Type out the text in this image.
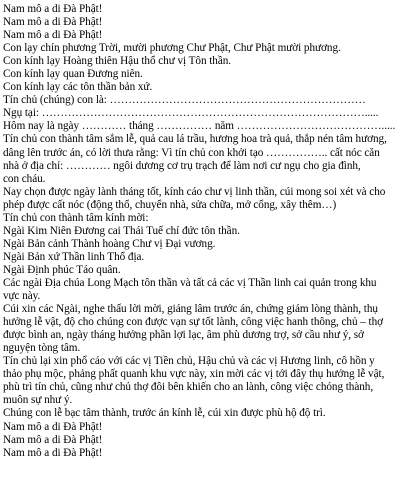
Nam mô a di Đà Phật!
Nam mô a di Đà Phật!
Nam mô a di Đà Phật!
Con lạy chín phương Trời, mười phương Chư Phật, Chư Phật mười phương.
Con kính lạy Hoàng thiên Hậu thổ chư vị Tôn thần.
Con kính lạy quan Đương niên.
Con kính lạy các tôn thần bản xứ.
Tín chủ (chúng) con là: ……………………………………………………………
Ngụ tại: …………………………………………………………………………….....
Hôm nay là ngày ………… tháng …………… năm ………………………………….....
Tín chủ con thành tâm sắm lễ, quả cau lá trầu, hương hoa trà quả, thắp nén tâm hương,
dâng lên trước án, có lời thưa rằng: Vì tín chủ con khởi tạo …………….. cất nóc căn
nhà ở địa chỉ: ………… ngôi dương cơ trụ trạch để làm nơi cư ngụ cho gia đình,
con cháu.
Nay chọn được ngày lành tháng tốt, kính cáo chư vị linh thần, cúi mong soi xét và cho
phép được cất nóc (động thổ, chuyển nhà, sửa chữa, mở cổng, xây thêm…)
Tín chủ con thành tâm kính mời:
Ngài Kim Niên Đương cai Thái Tuế chí đức tôn thần.
Ngài Bản cảnh Thành hoàng Chư vị Đại vương.
Ngài Bản xứ Thần linh Thổ địa.
Ngài Định phúc Táo quân.
Các ngài Địa chúa Long Mạch tôn thần và tất cả các vị Thần linh cai quản trong khu
vực này.
Cúi xin các Ngài, nghe thấu lời mời, giáng lâm trước án, chứng giám lòng thành, thụ
hưởng lễ vật, độ cho chúng con được vạn sự tốt lành, công việc hanh thông, chủ – thợ
được bình an, ngày tháng hưởng phần lợi lạc, âm phù dương trợ, sở cầu như ý, sở
nguyện tòng tâm.
Tín chủ lại xin phổ cáo với các vị Tiền chủ, Hậu chủ và các vị Hương linh, cô hồn y
thảo phụ mộc, phảng phất quanh khu vực này, xin mời các vị tới đây thụ hưởng lễ vật,
phù trì tín chủ, cũng như chủ thợ đôi bên khiến cho an lành, công việc chóng thành,
muôn sự như ý.
Chúng con lễ bạc tâm thành, trước án kính lễ, cúi xin được phù hộ độ trì.
Nam mô a di Đà Phật!
Nam mô a di Đà Phật!
Nam mô a di Đà Phật!
